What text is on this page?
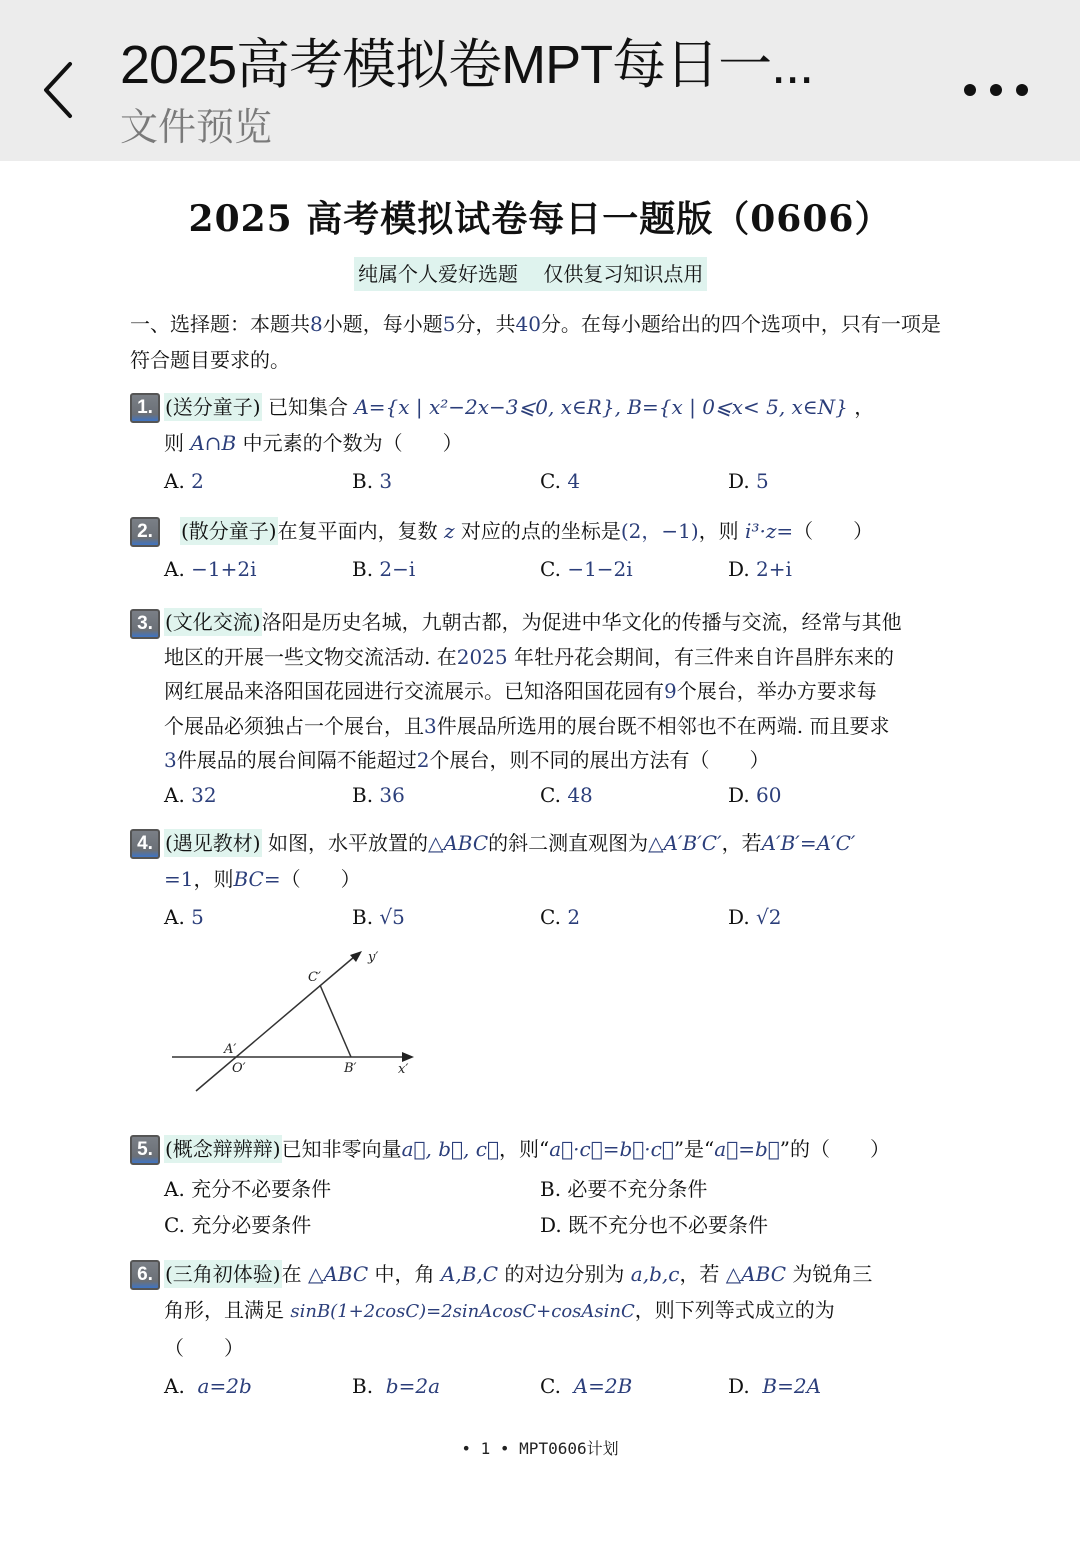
2025高考模拟卷MPT每日一...
文件预览
2025 高考模拟试卷每日一题版（0606）
纯属个人爱好选题    仅供复习知识点用
一、选择题：本题共8小题，每小题5分，共40分。在每小题给出的四个选项中，只有一项是符合题目要求的。
1. (送分童子) 已知集合 A={x | x²−2x−3⩽0, x∈R}, B={x | 0⩽x< 5, x∈N} ，
则 A∩B 中元素的个数为（　　）
A. 2	B. 3	C. 4	D. 5
2.	(散分童子)在复平面内，复数 z 对应的点的坐标是(2，−1)，则 i³·z=（　　）
A. −1+2i	B. 2−i	C. −1−2i	D. 2+i
3. (文化交流)洛阳是历史名城，九朝古都，为促进中华文化的传播与交流，经常与其他
地区的开展一些文物交流活动. 在2025 年牡丹花会期间，有三件来自许昌胖东来的
网红展品来洛阳国花园进行交流展示。已知洛阳国花园有9个展台，举办方要求每
个展品必须独占一个展台，且3件展品所选用的展台既不相邻也不在两端. 而且要求
3件展品的展台间隔不能超过2个展台，则不同的展出方法有（　　）
A. 32	B. 36	C. 48	D. 60
4. (遇见教材) 如图，水平放置的△ABC的斜二测直观图为△A′B′C′，若A′B′=A′C′
=1，则BC=（　　）
A. 5	B. √5	C. 2	D. √2
A′
O′	B′
C′
x′
y′
5. (概念辩辨辩)已知非零向量a⃗, b⃗, c⃗，则“a⃗·c⃗=b⃗·c⃗”是“a⃗=b⃗”的（　　）
A. 充分不必要条件	B. 必要不充分条件
C. 充分必要条件	D. 既不充分也不必要条件
6. (三角初体验)在 △ABC 中，角 A,B,C 的对边分别为 a,b,c，若 △ABC 为锐角三
角形，且满足 sinB(1+2cosC)=2sinAcosC+cosAsinC，则下列等式成立的为
（　　）
A. a=2b	B. b=2a	C. A=2B	D. B=2A
• 1 • MPT0606计划
